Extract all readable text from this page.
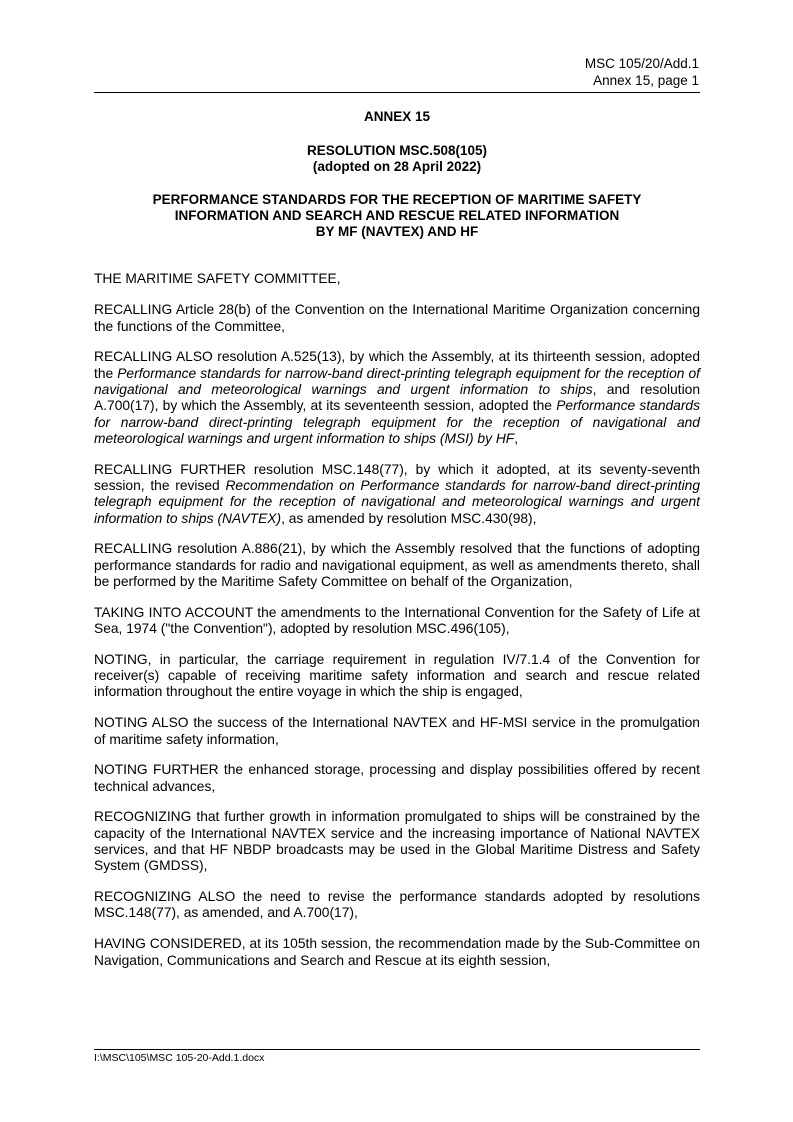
MSC 105/20/Add.1
Annex 15, page 1
ANNEX 15
RESOLUTION MSC.508(105)
(adopted on 28 April 2022)
PERFORMANCE STANDARDS FOR THE RECEPTION OF MARITIME SAFETY
INFORMATION AND SEARCH AND RESCUE RELATED INFORMATION
BY MF (NAVTEX) AND HF

THE MARITIME SAFETY COMMITTEE,

RECALLING Article 28(b) of the Convention on the International Maritime Organization concerning the functions of the Committee,

RECALLING ALSO resolution A.525(13), by which the Assembly, at its thirteenth session, adopted the Performance standards for narrow-band direct-printing telegraph equipment for the reception of navigational and meteorological warnings and urgent information to ships, and resolution A.700(17), by which the Assembly, at its seventeenth session, adopted the Performance standards for narrow-band direct-printing telegraph equipment for the reception of navigational and meteorological warnings and urgent information to ships (MSI) by HF,

RECALLING FURTHER resolution MSC.148(77), by which it adopted, at its seventy-seventh session, the revised Recommendation on Performance standards for narrow-band direct-printing telegraph equipment for the reception of navigational and meteorological warnings and urgent information to ships (NAVTEX), as amended by resolution MSC.430(98),

RECALLING resolution A.886(21), by which the Assembly resolved that the functions of adopting performance standards for radio and navigational equipment, as well as amendments thereto, shall be performed by the Maritime Safety Committee on behalf of the Organization,

TAKING INTO ACCOUNT the amendments to the International Convention for the Safety of Life at Sea, 1974 ("the Convention"), adopted by resolution MSC.496(105),

NOTING, in particular, the carriage requirement in regulation IV/7.1.4 of the Convention for receiver(s) capable of receiving maritime safety information and search and rescue related information throughout the entire voyage in which the ship is engaged,

NOTING ALSO the success of the International NAVTEX and HF-MSI service in the promulgation of maritime safety information,

NOTING FURTHER the enhanced storage, processing and display possibilities offered by recent technical advances,

RECOGNIZING that further growth in information promulgated to ships will be constrained by the capacity of the International NAVTEX service and the increasing importance of National NAVTEX services, and that HF NBDP broadcasts may be used in the Global Maritime Distress and Safety System (GMDSS),

RECOGNIZING ALSO the need to revise the performance standards adopted by resolutions MSC.148(77), as amended, and A.700(17),

HAVING CONSIDERED, at its 105th session, the recommendation made by the Sub-Committee on Navigation, Communications and Search and Rescue at its eighth session,

I:\MSC\105\MSC 105-20-Add.1.docx
